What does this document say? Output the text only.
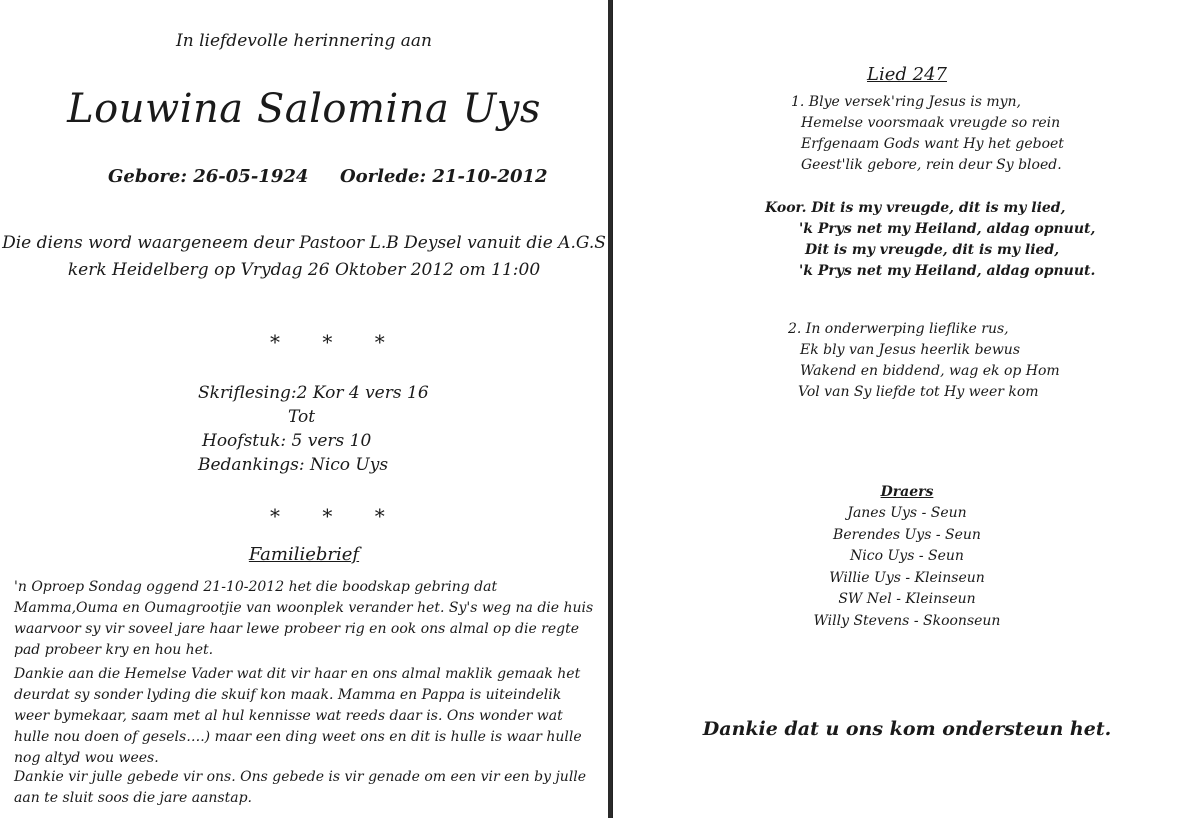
In liefdevolle herinnering aan
Louwina Salomina Uys
Gebore: 26-05-1924 Oorlede: 21-10-2012
Die diens word waargeneem deur Pastoor L.B Deysel vanuit die A.G.S
kerk Heidelberg op Vrydag 26 Oktober 2012 om 11:00
* * *
Skriflesing:2 Kor 4 vers 16
Tot
Hoofstuk: 5 vers 10
Bedankings: Nico Uys
* * *
Familiebrief
'n Oproep Sondag oggend 21-10-2012 het die boodskap gebring dat Mamma,Ouma en Oumagrootjie van woonplek verander het. Sy's weg na die huis waarvoor sy vir soveel jare haar lewe probeer rig en ook ons almal op die regte pad probeer kry en hou het.
Dankie aan die Hemelse Vader wat dit vir haar en ons almal maklik gemaak het deurdat sy sonder lyding die skuif kon maak. Mamma en Pappa is uiteindelik weer bymekaar, saam met al hul kennisse wat reeds daar is. Ons wonder wat hulle nou doen of gesels….) maar een ding weet ons en dit is hulle is waar hulle nog altyd wou wees.
Dankie vir julle gebede vir ons. Ons gebede is vir genade om een vir een by julle aan te sluit soos die jare aanstap.
Lied 247
1. Blye versek'ring Jesus is myn,
Hemelse voorsmaak vreugde so rein
Erfgenaam Gods want Hy het geboet
Geest'lik gebore, rein deur Sy bloed.
Koor. Dit is my vreugde, dit is my lied,
'k Prys net my Heiland, aldag opnuut,
Dit is my vreugde, dit is my lied,
'k Prys net my Heiland, aldag opnuut.
2. In onderwerping lieflike rus,
Ek bly van Jesus heerlik bewus
Wakend en biddend, wag ek op Hom
Vol van Sy liefde tot Hy weer kom
Draers
Janes Uys - Seun
Berendes Uys - Seun
Nico Uys - Seun
Willie Uys - Kleinseun
SW Nel - Kleinseun
Willy Stevens - Skoonseun
Dankie dat u ons kom ondersteun het.
